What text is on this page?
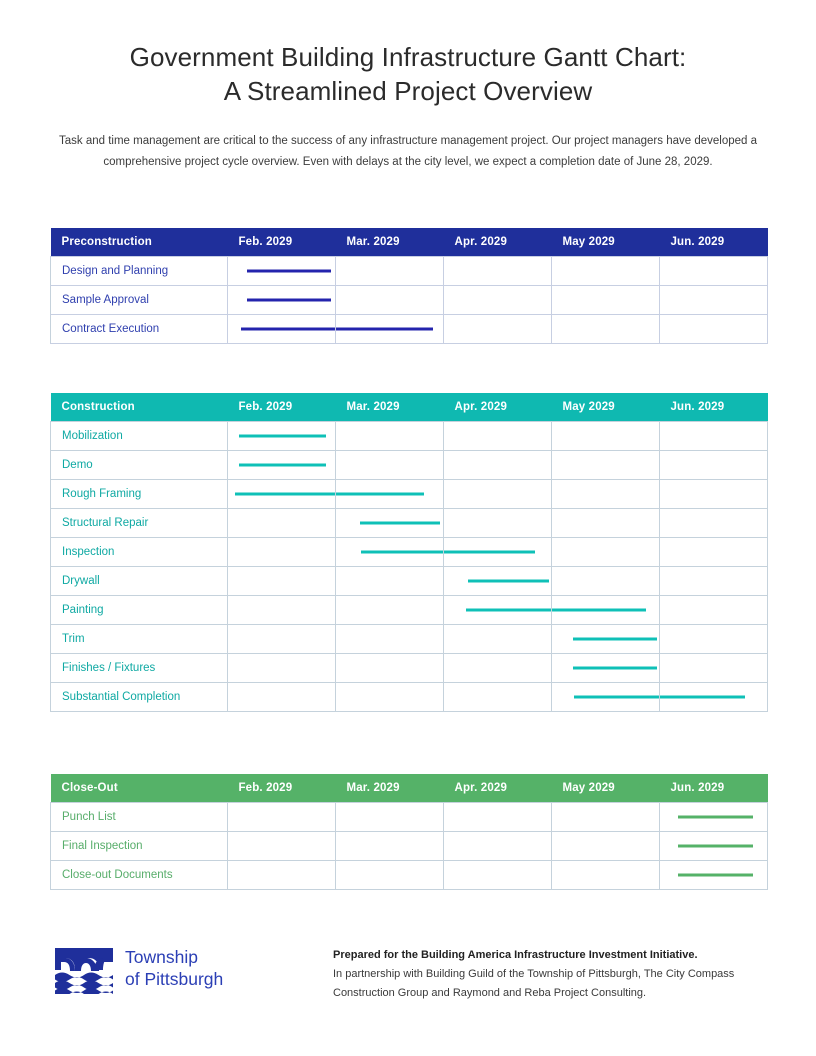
Government Building Infrastructure Gantt Chart:
A Streamlined Project Overview
Task and time management are critical to the success of any infrastructure management project. Our project managers have developed a comprehensive project cycle overview. Even with delays at the city level, we expect a completion date of June 28, 2029.
Preconstruction	Feb. 2029	Mar. 2029	Apr. 2029	May 2029	Jun. 2029
Design and Planning	

Sample Approval	

Contract Execution	

Construction	Feb. 2029	Mar. 2029	Apr. 2029	May 2029	Jun. 2029
Mobilization	

Demo	

Rough Framing	

Structural Repair		

Inspection		

Drywall			

Painting			

Trim				

Finishes / Fixtures				

Substantial Completion				

Close-Out	Feb. 2029	Mar. 2029	Apr. 2029	May 2029	Jun. 2029
Punch List					

Final Inspection					

Close-out Documents					
Township
of Pittsburgh
Prepared for the Building America Infrastructure Investment Initiative.
In partnership with Building Guild of the Township of Pittsburgh, The City Compass Construction Group and Raymond and Reba Project Consulting.
